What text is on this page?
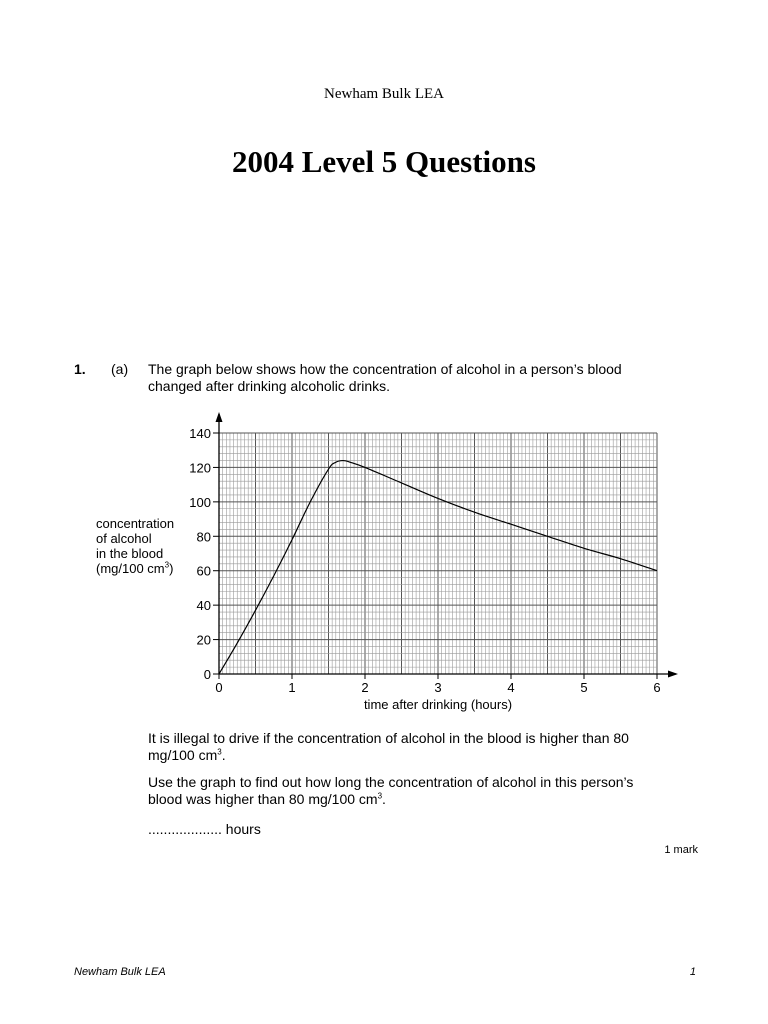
Newham Bulk LEA
2004 Level 5 Questions
1. (a) The graph below shows how the concentration of alcohol in a person’s blood changed after drinking alcoholic drinks.
0
20
40
60
80
100
120
140
0	1	2	3	4	5	6
time after drinking (hours)
concentration
of alcohol
in the blood
(mg/100 $cm^3$)
It is illegal to drive if the concentration of alcohol in the blood is higher than 80 mg/100 $cm^3$.
Use the graph to find out how long the concentration of alcohol in this person’s blood was higher than 80 mg/100 $cm^3$.
................... hours
1 mark
Newham Bulk LEA	1
